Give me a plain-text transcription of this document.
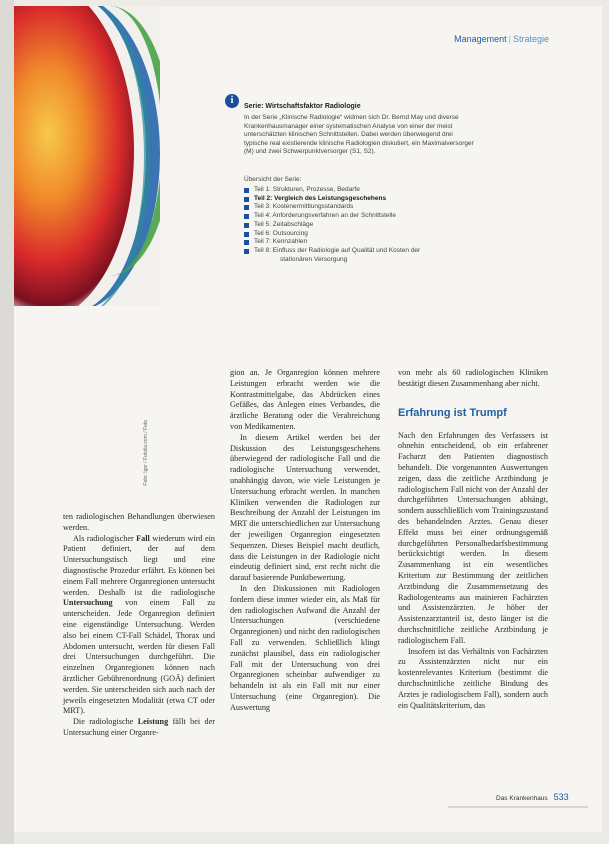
Foto: Igor / Fotolia.com / Foto
Management | Strategie
i
Serie: Wirtschaftsfaktor Radiologie
In der Serie „Klinische Radiologie“ widmen sich Dr. Bernd May und diverse Krankenhausmanager einer systematischen Analyse von einer der meist unterschätzten klinischen Schnittstellen. Dabei werden überwiegend drei typische real existierende klinische Radiologien diskutiert, ein Maximalversorger (M) und zwei Schwerpunktversorger (S1, S2).
Übersicht der Serie:
Teil 1: Strukturen, Prozesse, Bedarfe
Teil 2: Vergleich des Leistungsgeschehens
Teil 3: Kostenermittlungsstandards
Teil 4: Anforderungsverfahren an der Schnittstelle
Teil 5: Zeitabschläge
Teil 6: Outsourcing
Teil 7: Kennzahlen
Teil 8: Einfluss der Radiologie auf Qualität und Kosten der
stationären Versorgung

ten radiologischen Behandlungen überwiesen werden.

Als radiologischer Fall wiederum wird ein Patient definiert, der auf dem Untersuchungstisch liegt und eine diagnostische Prozedur erfährt. Es können bei einem Fall mehrere Organregionen untersucht werden. Deshalb ist die radiologische Untersuchung von einem Fall zu unterscheiden. Jede Organregion definiert eine eigenständige Untersuchung. Werden also bei einem CT-Fall Schädel, Thorax und Abdomen untersucht, werden für diesen Fall drei Untersuchungen durchgeführt. Die einzelnen Organregionen können nach ärztlicher Gebührenordnung (GOÄ) definiert werden. Sie unterscheiden sich auch nach der jeweils eingesetzten Modalität (etwa CT oder MRT).

Die radiologische Leistung fällt bei der Untersuchung einer Organre-

gion an. Je Organregion können mehrere Leistungen erbracht werden wie die Kontrastmittelgabe, das Abdrücken eines Gefäßes, das Anlegen eines Verbandes, die ärztliche Beratung oder die Verabreichung von Medikamenten.

In diesem Artikel werden bei der Diskussion des Leistungsgeschehens überwiegend der radiologische Fall und die radiologische Untersuchung verwendet, unabhängig davon, wie viele Leistungen je Untersuchung erbracht werden. In manchen Kliniken verwenden die Radiologen zur Beschreibung der Anzahl der Leistungen im MRT die unterschiedlichen zur Untersuchung der jeweiligen Organregion eingesetzten Sequenzen. Dieses Beispiel macht deutlich, dass die Leistungen in der Radiologie nicht eindeutig definiert sind, erst recht nicht die darauf basierende Punktbewertung.

In den Diskussionen mit Radiologen fordern diese immer wieder ein, als Maß für den radiologischen Aufwand die Anzahl der Untersuchungen (verschiedene Organregionen) und nicht den radiologischen Fall zu verwenden. Schließlich klingt zunächst plausibel, dass ein radiologischer Fall mit der Untersuchung von drei Organregionen scheinbar aufwendiger zu behandeln ist als ein Fall mit nur einer Untersuchung (eine Organregion). Die Auswertung

von mehr als 60 radiologischen Kliniken bestätigt diesen Zusammenhang aber nicht.

Erfahrung ist Trumpf

Nach den Erfahrungen des Verfassers ist ohnehin entscheidend, ob ein erfahrener Facharzt den Patienten diagnostisch behandelt. Die vorgenannten Auswertungen zeigen, dass die zeitliche Arztbindung je radiologischem Fall nicht von der Anzahl der durchgeführten Untersuchungen abhängt, sondern ausschließlich vom Trainingszustand des behandelnden Arztes. Genau dieser Effekt muss bei einer ordnungsgemäß durchgeführten Personalbedarfsbestimmung berücksichtigt werden. In diesem Zusammenhang ist ein wesentliches Kriterium zur Bestimmung der zeitlichen Arztbindung die Zusammensetzung des Radiologenteams aus mainieren Fachärzten und Assistenzärzten. Je höher der Assistenzarztanteil ist, desto länger ist die durchschnittliche zeitliche Arztbindung je radiologischem Fall.

Insofern ist das Verhältnis von Fachärzten zu Assistenzärzten nicht nur ein kostenrelevantes Kriterium (bestimmt die durchschnittliche zeitliche Bindung des Arztes je radiologischem Fall), sondern auch ein Qualitätskriterium, das

Das Krankenhaus 533
